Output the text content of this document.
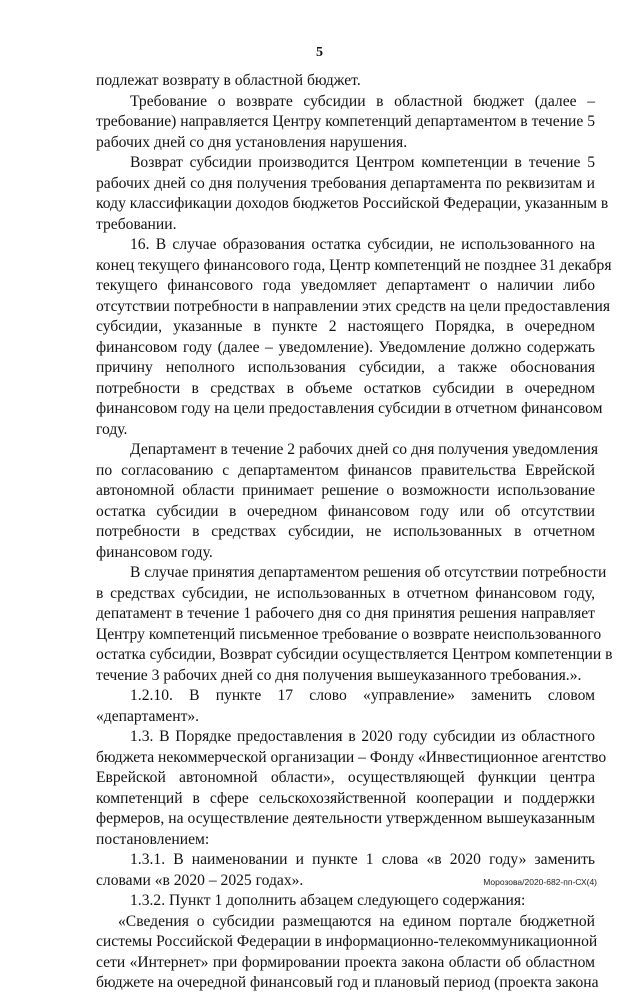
5
подлежат возврату в областной бюджет.
Требование о возврате субсидии в областной бюджет (далее –
требование) направляется Центру компетенций департаментом в течение 5
рабочих дней со дня установления нарушения.
Возврат субсидии производится Центром компетенции в течение 5
рабочих дней со дня получения требования департамента по реквизитам и
коду классификации доходов бюджетов Российской Федерации, указанным в
требовании.
16. В случае образования остатка субсидии, не использованного на
конец текущего финансового года, Центр компетенций не позднее 31 декабря
текущего финансового года уведомляет департамент о наличии либо
отсутствии потребности в направлении этих средств на цели предоставления
субсидии, указанные в пункте 2 настоящего Порядка, в очередном
финансовом году (далее – уведомление). Уведомление должно содержать
причину неполного использования субсидии, а также обоснования
потребности в средствах в объеме остатков субсидии в очередном
финансовом году на цели предоставления субсидии в отчетном финансовом
году.
Департамент в течение 2 рабочих дней со дня получения уведомления
по согласованию с департаментом финансов правительства Еврейской
автономной области принимает решение о возможности использование
остатка субсидии в очередном финансовом году или об отсутствии
потребности в средствах субсидии, не использованных в отчетном
финансовом году.
В случае принятия департаментом решения об отсутствии потребности
в средствах субсидии, не использованных в отчетном финансовом году,
депатамент в течение 1 рабочего дня со дня принятия решения направляет
Центру компетенций письменное требование о возврате неиспользованного
остатка субсидии, Возврат субсидии осуществляется Центром компетенции в
течение 3 рабочих дней со дня получения вышеуказанного требования.».
1.2.10. В пункте 17 слово «управление» заменить словом
«департамент».
1.3. В Порядке предоставления в 2020 году субсидии из областного
бюджета некоммерческой организации – Фонду «Инвестиционное агентство
Еврейской автономной области», осуществляющей функции центра
компетенций в сфере сельскохозяйственной кооперации и поддержки
фермеров, на осуществление деятельности утвержденном вышеуказанным
постановлением:
1.3.1. В наименовании и пункте 1 слова «в 2020 году» заменить
словами «в 2020 – 2025 годах».
1.3.2. Пункт 1 дополнить абзацем следующего содержания:
«Сведения о субсидии размещаются на едином портале бюджетной
системы Российской Федерации в информационно-телекоммуникационной
сети «Интернет» при формировании проекта закона области об областном
бюджете на очередной финансовый год и плановый период (проекта закона
Морозова/2020-682-пп-СХ(4)
